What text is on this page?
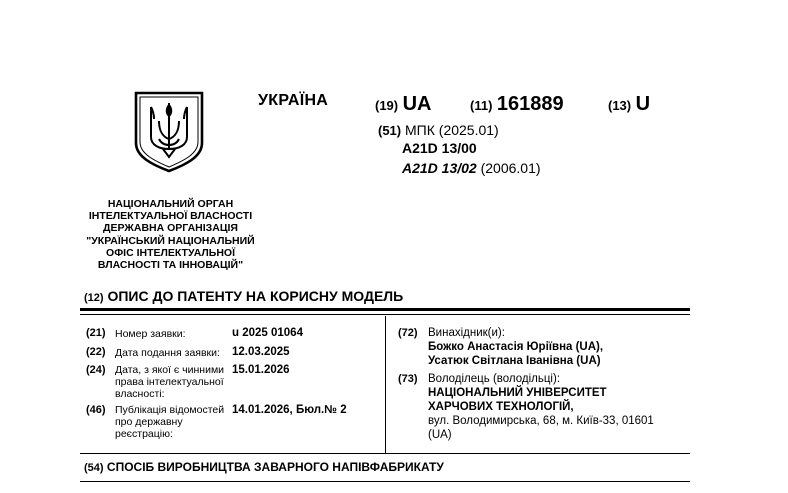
УКРАЇНА	(19) UA	(11) 161889	(13) U
(51) МПК (2025.01)
A21D 13/00
A21D 13/02 (2006.01)
НАЦІОНАЛЬНИЙ ОРГАН
ІНТЕЛЕКТУАЛЬНОЇ ВЛАСНОСТІ
ДЕРЖАВНА ОРГАНІЗАЦІЯ
"УКРАЇНСЬКИЙ НАЦІОНАЛЬНИЙ
ОФІС ІНТЕЛЕКТУАЛЬНОЇ
ВЛАСНОСТІ ТА ІННОВАЦІЙ"
(12) ОПИС ДО ПАТЕНТУ НА КОРИСНУ МОДЕЛЬ
(21) Номер заявки:	u 2025 01064
(22) Дата подання заявки: 12.03.2025
(24) Дата, з якої є чинними
права інтелектуальної
власності:
15.01.2026
(46) Публікація відомостей
про державну
реєстрацію:
14.01.2026, Бюл.№ 2
(72) Винахідник(и):
Божко Анастасія Юріївна (UA),
Усатюк Світлана Іванівна (UA)
(73) Володілець (володільці):
НАЦІОНАЛЬНИЙ УНІВЕРСИТЕТ
ХАРЧОВИХ ТЕХНОЛОГІЙ,
вул. Володимирська, 68, м. Київ-33, 01601
(UA)
(54) СПОСІБ ВИРОБНИЦТВА ЗАВАРНОГО НАПІВФАБРИКАТУ
